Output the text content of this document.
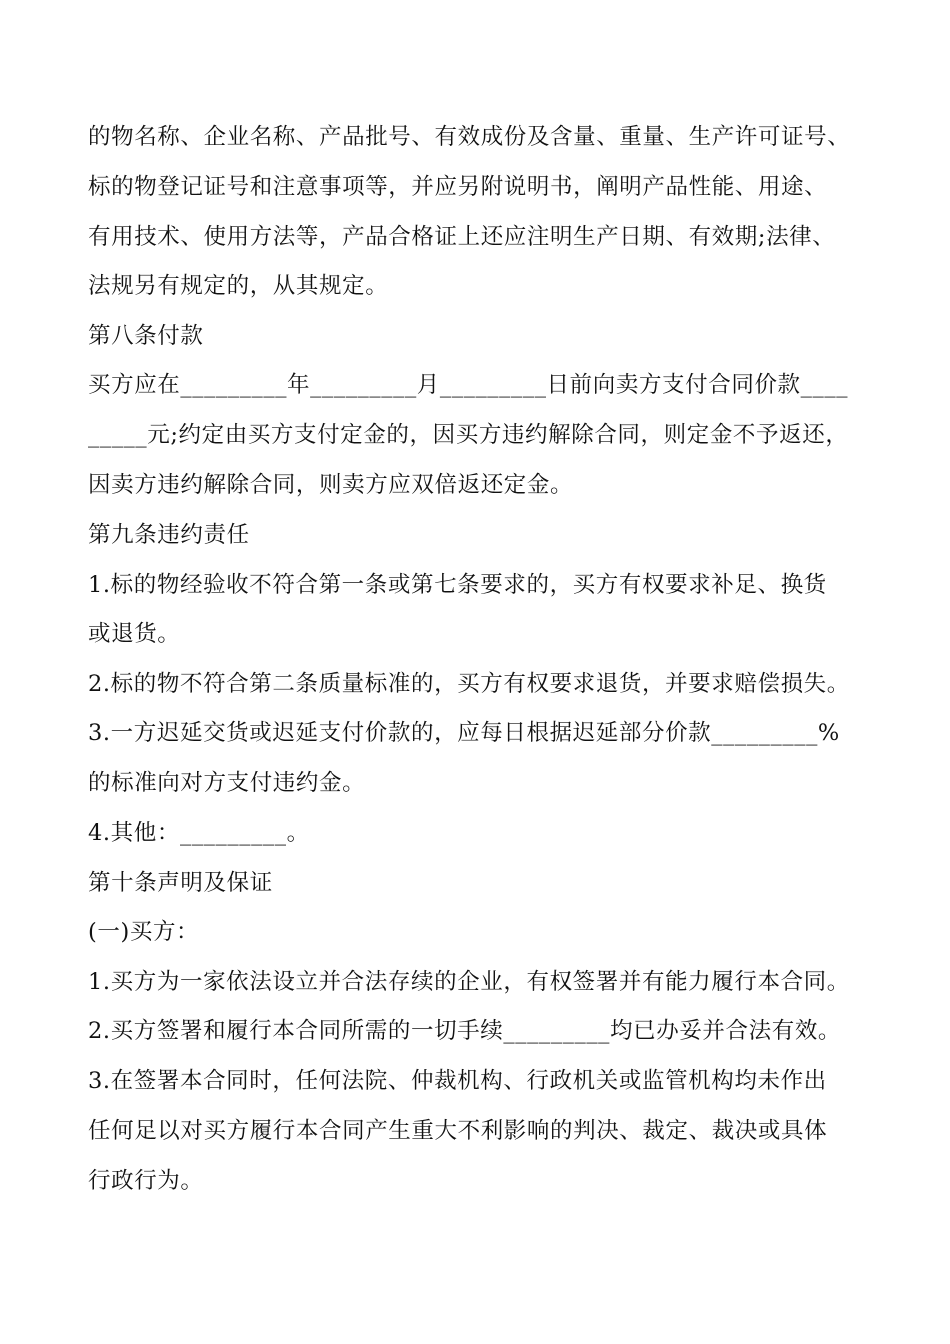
的物名称、企业名称、产品批号、有效成份及含量、重量、生产许可证号、
标的物登记证号和注意事项等，并应另附说明书，阐明产品性能、用途、
有用技术、使用方法等，产品合格证上还应注明生产日期、有效期;法律、
法规另有规定的，从其规定。
第八条付款
买方应在_________年_________月_________日前向卖方支付合同价款____
_____元;约定由买方支付定金的，因买方违约解除合同，则定金不予返还，
因卖方违约解除合同，则卖方应双倍返还定金。
第九条违约责任
1.标的物经验收不符合第一条或第七条要求的，买方有权要求补足、换货
或退货。
2.标的物不符合第二条质量标准的，买方有权要求退货，并要求赔偿损失。
3.一方迟延交货或迟延支付价款的，应每日根据迟延部分价款_________%
的标准向对方支付违约金。
4.其他：_________。
第十条声明及保证
(一)买方：
1.买方为一家依法设立并合法存续的企业，有权签署并有能力履行本合同。
2.买方签署和履行本合同所需的一切手续_________均已办妥并合法有效。
3.在签署本合同时，任何法院、仲裁机构、行政机关或监管机构均未作出
任何足以对买方履行本合同产生重大不利影响的判决、裁定、裁决或具体
行政行为。
